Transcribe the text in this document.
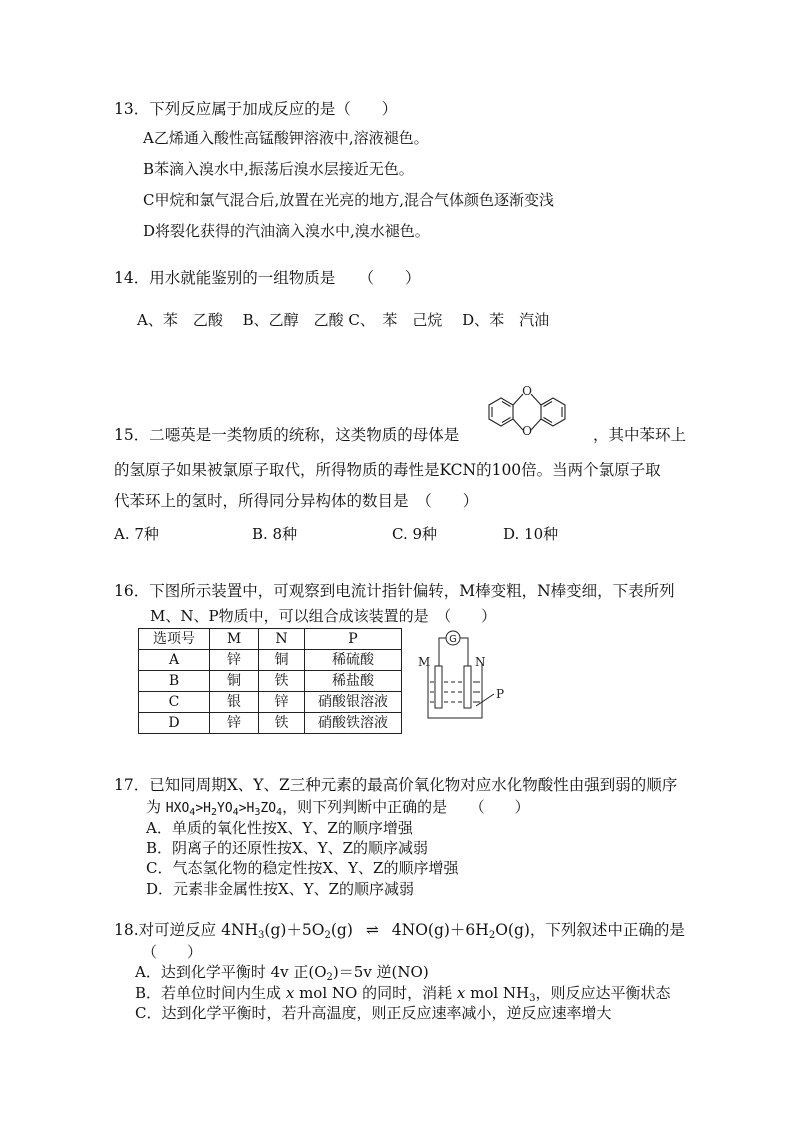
13．下列反应属于加成反应的是（　　）
A乙烯通入酸性高锰酸钾溶液中,溶液褪色。
B苯滴入溴水中,振荡后溴水层接近无色。
C甲烷和氯气混合后,放置在光亮的地方,混合气体颜色逐渐变浅
D将裂化获得的汽油滴入溴水中,溴水褪色。
14．用水就能鉴别的一组物质是　　（　　）
A、苯　乙酸　 B、乙醇　乙酸 C、　苯　己烷　 D、苯　汽油
15．二噁英是一类物质的统称，这类物质的母体是
O
O	，其中苯环上
的氢原子如果被氯原子取代，所得物质的毒性是KCN的100倍。当两个氯原子取
代苯环上的氢时，所得同分异构体的数目是　（　　）
A. 7种	B. 8种	C. 9种	D. 10种
16．下图所示装置中，可观察到电流计指针偏转，M棒变粗，N棒变细，下表所列
M、N、P物质中，可以组合成该装置的是　（　　）
选项号	M	N	P
A	锌	铜	稀硫酸
B	铜	铁	稀盐酸
C	银	锌	硝酸银溶液
D	锌	铁	硝酸铁溶液
G
M	N
P
17．已知同周期X、Y、Z三种元素的最高价氧化物对应水化物酸性由强到弱的顺序
为 $HXO_4>H_2YO_4>H_3ZO_4$，则下列判断中正确的是　　（　　）
A．单质的氧化性按X、Y、Z的顺序增强
B．阴离子的还原性按X、Y、Z的顺序减弱
C．气态氢化物的稳定性按X、Y、Z的顺序增强
D．元素非金属性按X、Y、Z的顺序减弱
18.对可逆反应 $4NH_3(g)+5O_2(g)$ ⇌ $4NO(g)+6H_2O(g)$，下列叙述中正确的是
（　　）
A．达到化学平衡时 4v 正$(O_2)=5v$ 逆(NO)
B．若单位时间内生成 x mol NO 的同时，消耗 x mol $NH_3$，则反应达平衡状态
C．达到化学平衡时，若升高温度，则正反应速率减小，逆反应速率增大
